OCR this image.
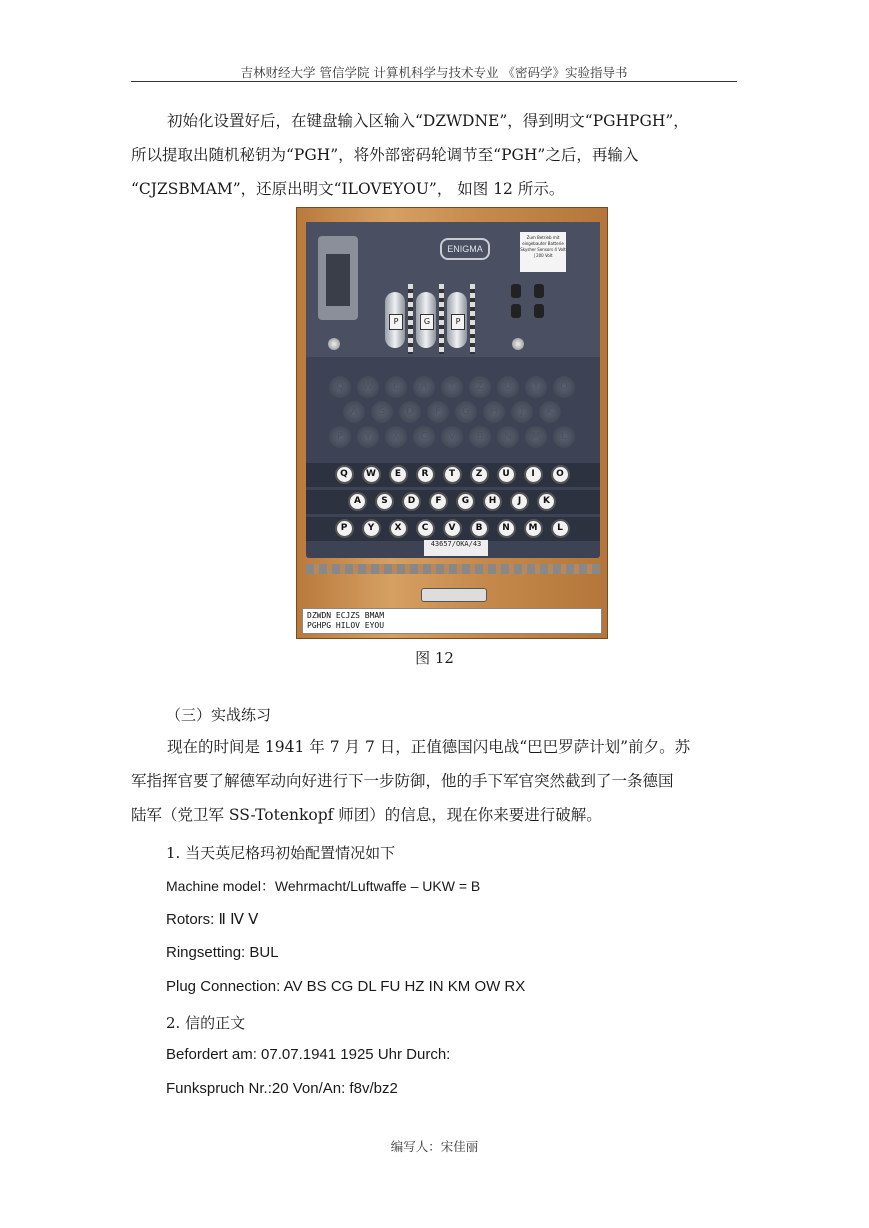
吉林财经大学 管信学院 计算机科学与技术专业 《密码学》实验指导书

初始化设置好后，在键盘输入区输入“DZWDNE”，得到明文“PGHPGH”，

所以提取出随机秘钥为“PGH”，将外部密码轮调节至“PGH”之后，再输入

“CJZSBMAM”，还原出明文“ILOVEYOU”， 如图 12 所示。

ENIGMA
Zum Betrieb mit eingebauter Batterie Skysher Sensors 4 Volt | 200 Volt
P	G	P
Q	W	E	R	T	Z	U	I	O
A	S	D	F	G	H	J	K
P	Y	X	C	V	B	N	M	L
Q	W	E	R	T	Z	U	I	O
A	S	D	F	G	H	J	K
P	Y	X	C	V	B	N	M	L
43657/OKA/43
DZWDN ECJZS BMAM
PGHPG HILOV EYOU
图 12
（三）实战练习

现在的时间是 1941 年 7 月 7 日，正值德国闪电战“巴巴罗萨计划”前夕。苏

军指挥官要了解德军动向好进行下一步防御，他的手下军官突然截到了一条德国

陆军（党卫军 SS-Totenkopf 师团）的信息，现在你来要进行破解。

1. 当天英尼格玛初始配置情况如下
Machine model：Wehrmacht/Luftwaffe – UKW = B
Rotors: Ⅱ Ⅳ Ⅴ
Ringsetting: BUL
Plug Connection: AV BS CG DL FU HZ IN KM OW RX
2. 信的正文
Befordert am: 07.07.1941 1925 Uhr Durch:
Funkspruch Nr.:20 Von/An: f8v/bz2
编写人：宋佳丽
